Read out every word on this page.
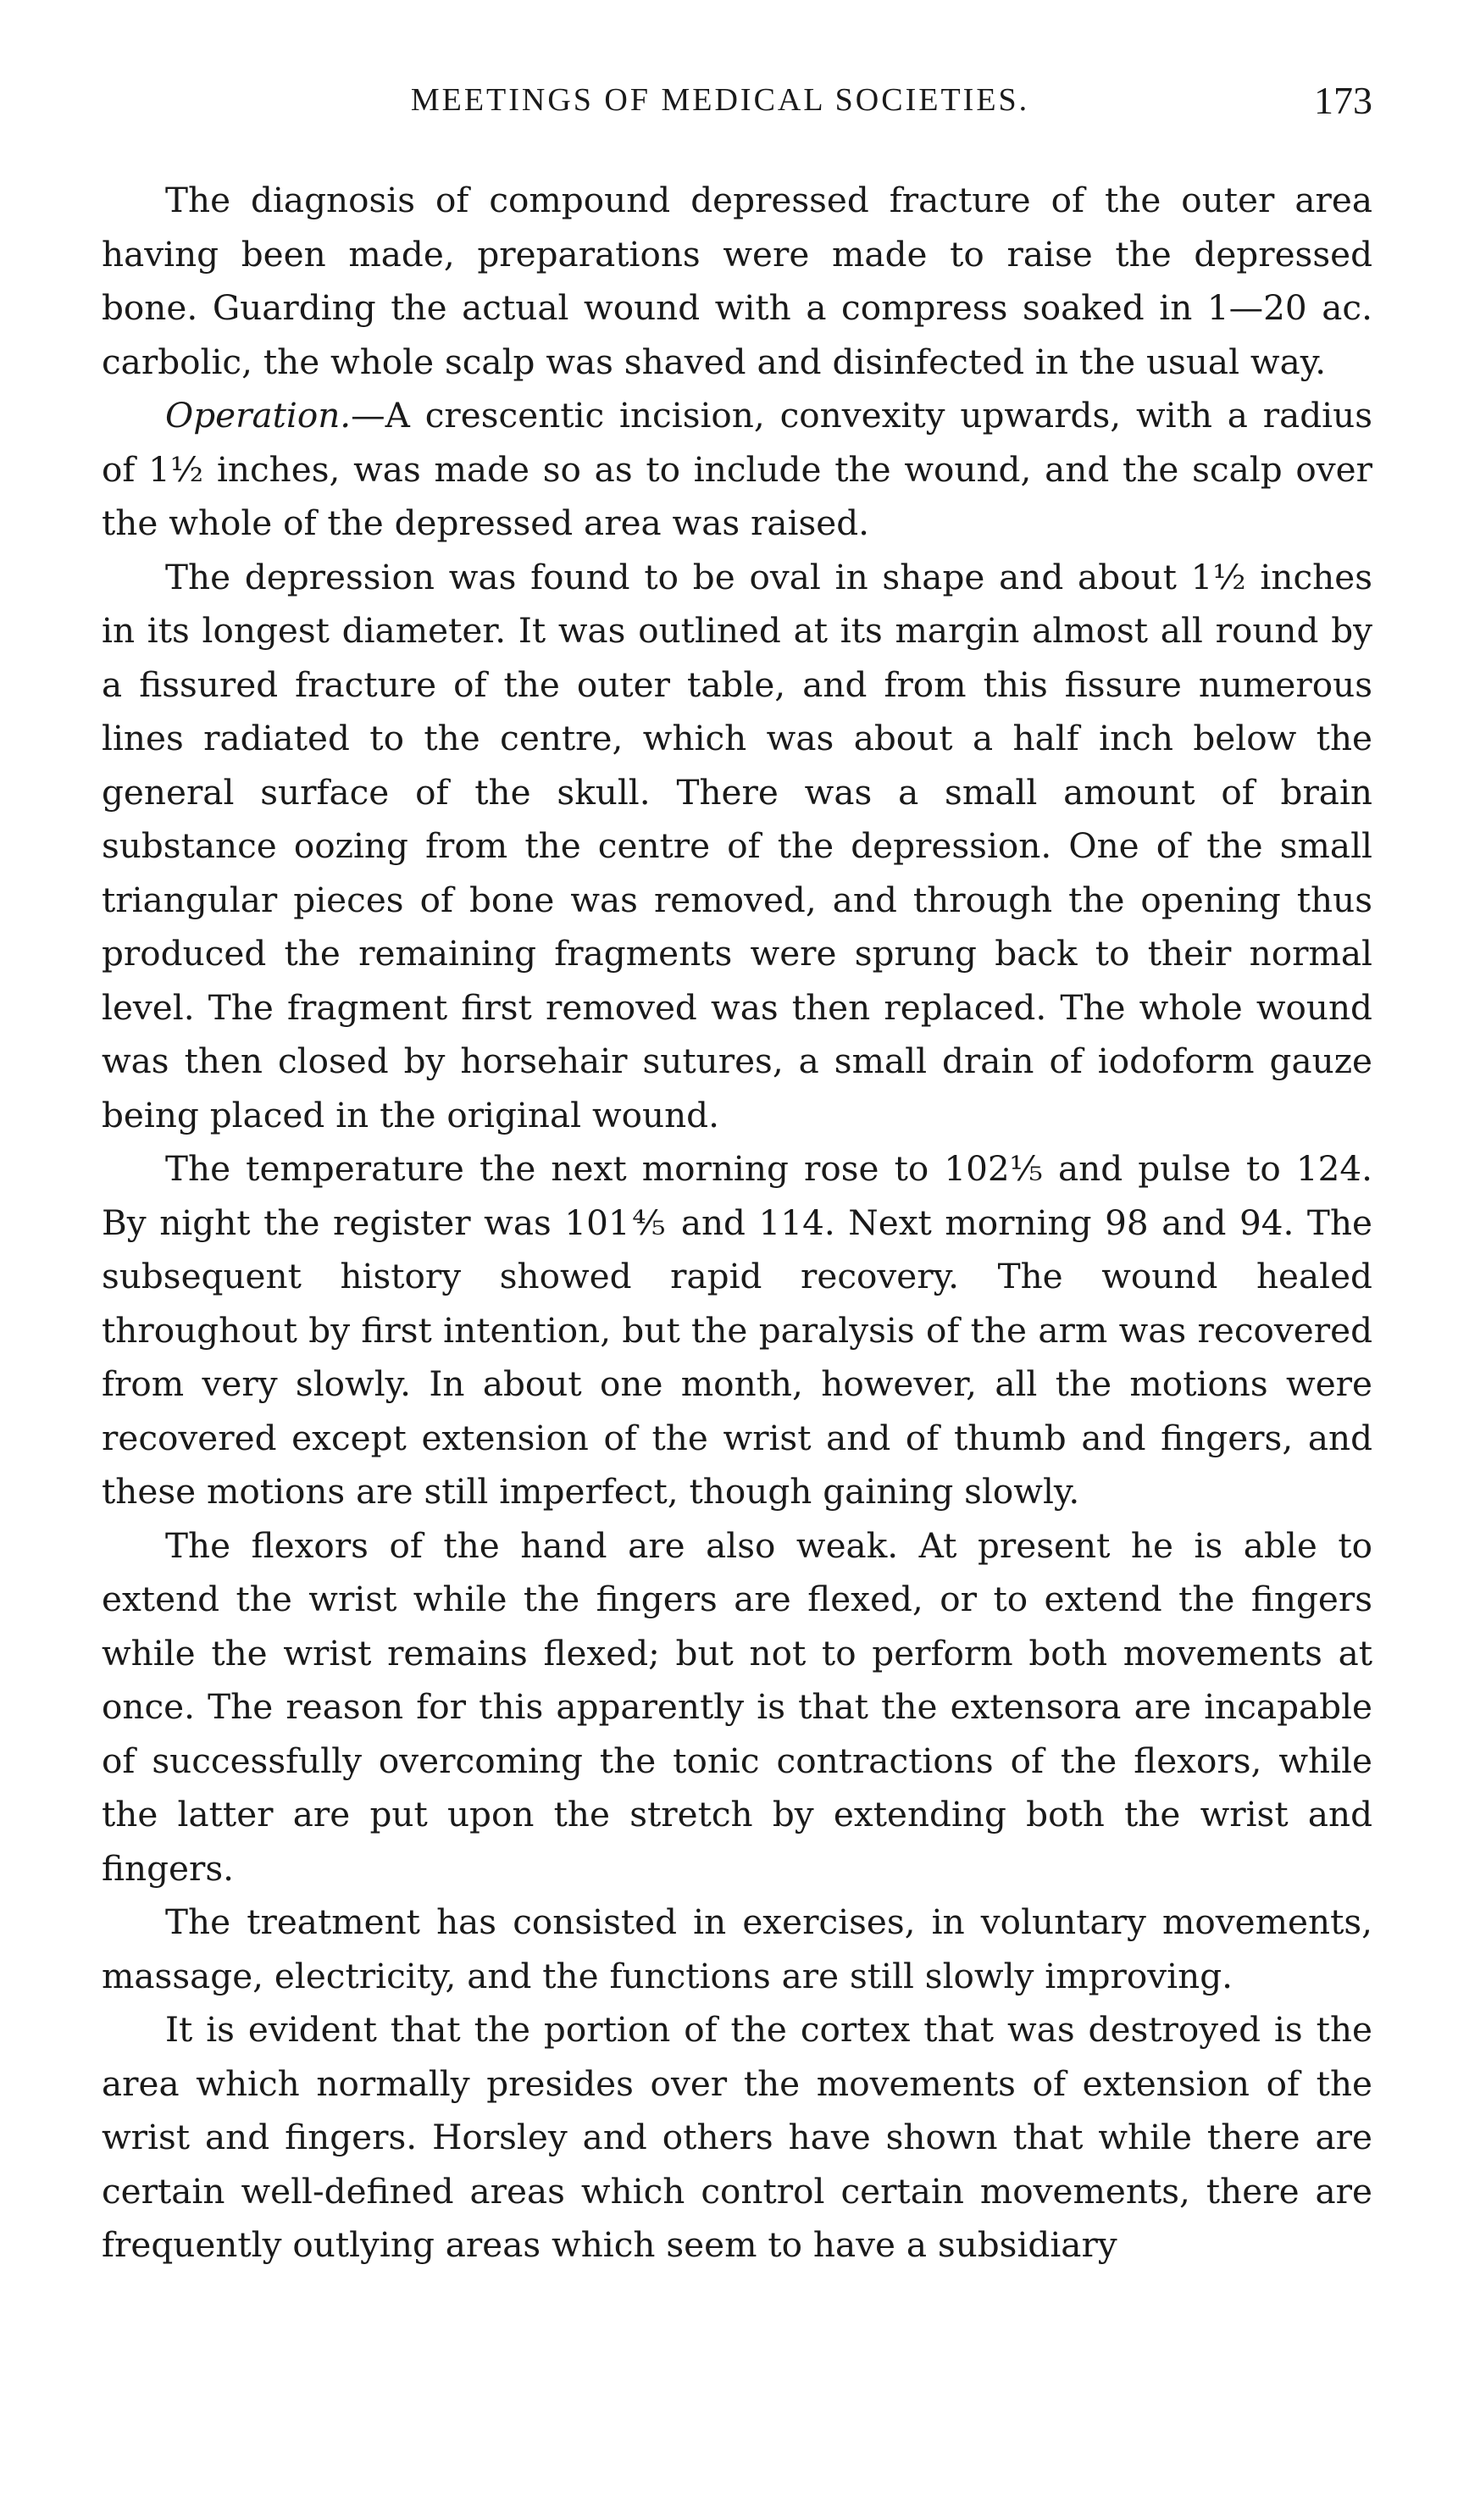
MEETINGS OF MEDICAL SOCIETIES.	173

The diagnosis of compound depressed fracture of the outer area having been made, preparations were made to raise the depressed bone. Guarding the actual wound with a compress soaked in 1—20 ac. carbolic, the whole scalp was shaved and disinfected in the usual way.

Operation.—A crescentic incision, convexity upwards, with a radius of 1½ inches, was made so as to include the wound, and the scalp over the whole of the depressed area was raised.

The depression was found to be oval in shape and about 1½ inches in its longest diameter. It was outlined at its margin almost all round by a fissured fracture of the outer table, and from this fissure numerous lines radiated to the centre, which was about a half inch below the general surface of the skull. There was a small amount of brain substance oozing from the centre of the depression. One of the small triangular pieces of bone was removed, and through the opening thus produced the remaining fragments were sprung back to their normal level. The fragment first removed was then replaced. The whole wound was then closed by horsehair sutures, a small drain of iodoform gauze being placed in the original wound.

The temperature the next morning rose to 102⅕ and pulse to 124. By night the register was 101⅘ and 114. Next morning 98 and 94. The subsequent history showed rapid recovery. The wound healed throughout by first intention, but the paralysis of the arm was recovered from very slowly. In about one month, however, all the motions were recovered except extension of the wrist and of thumb and fingers, and these motions are still imperfect, though gaining slowly.

The flexors of the hand are also weak. At present he is able to extend the wrist while the fingers are flexed, or to extend the fingers while the wrist remains flexed; but not to perform both movements at once. The reason for this apparently is that the extensora are incapable of successfully overcoming the tonic contractions of the flexors, while the latter are put upon the stretch by extending both the wrist and fingers.

The treatment has consisted in exercises, in voluntary movements, massage, electricity, and the functions are still slowly improving.

It is evident that the portion of the cortex that was destroyed is the area which normally presides over the movements of extension of the wrist and fingers. Horsley and others have shown that while there are certain well-defined areas which control certain movements, there are frequently outlying areas which seem to have a subsidiary
